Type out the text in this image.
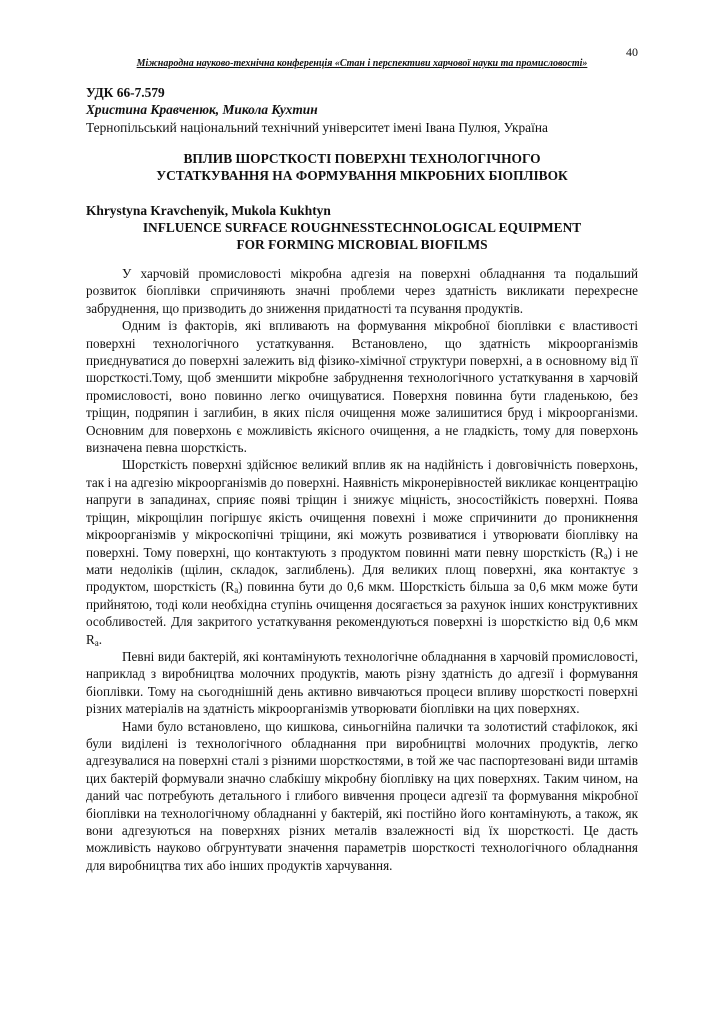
40
Міжнародна науково-технічна конференція «Стан і перспективи харчової науки та промисловості»
УДК 66-7.579
Христина Кравченюк, Микола Кухтин
Тернопільський національний технічний університет імені Івана Пулюя, Україна
ВПЛИВ ШОРСТКОСТІ ПОВЕРХНІ ТЕХНОЛОГІЧНОГО
УСТАТКУВАННЯ НА ФОРМУВАННЯ МІКРОБНИХ БІОПЛІВОК
Khrystyna Kravchenyik, Mukola Kukhtyn
INFLUENCE SURFACE ROUGHNESSTECHNOLOGICAL EQUIPMENT
FOR FORMING MICROBIAL BIOFILMS

У харчовій промисловості мікробна адгезія на поверхні обладнання та подальший розвиток біоплівки спричиняють значні проблеми через здатність викликати перехресне забруднення, що призводить до зниження придатності та псування продуктів.

Одним із факторів, які впливають на формування мікробної біоплівки є властивості поверхні технологічного устаткування. Встановлено, що здатність мікроорганізмів приєднуватися до поверхні залежить від фізико-хімічної структури поверхні, а в основному від її шорсткості.Тому, щоб зменшити мікробне забруднення технологічного устаткування в харчовій промисловості, воно повинно легко очищуватися. Поверхня повинна бути гладенькою, без тріщин, подряпин і заглибин, в яких після очищення може залишитися бруд і мікроорганізми. Основним для поверхонь є можливість якісного очищення, а не гладкість, тому для поверхонь визначена певна шорсткість.

Шорсткість поверхні здійснює великий вплив як на надійність і довговічність поверхонь, так і на адгезію мікроорганізмів до поверхні. Наявність мікронерівностей викликає концентрацію напруги в западинах, сприяє появі тріщин і знижує міцність, зносостійкість поверхні. Поява тріщин, мікрощілин погіршує якість очищення повехні і може спричинити до проникнення мікроорганізмів у мікроскопічні тріщини, які можуть розвиватися і утворювати біоплівку на поверхні. Тому поверхні, що контактують з продуктом повинні мати певну шорсткість $(R_a)$ і не мати недоліків (щілин, складок, заглиблень). Для великих площ поверхні, яка контактує з продуктом, шорсткість $(R_a)$ повинна бути до 0,6 мкм. Шорсткість більша за 0,6 мкм може бути прийнятою, тоді коли необхідна ступінь очищення досягається за рахунок інших конструктивних особливостей. Для закритого устаткування рекомендуються поверхні із шорсткістю від 0,6 мкм $R_a$.

Певні види бактерій, які контамінують технологічне обладнання в харчовій промисловості, наприклад з виробництва молочних продуктів, мають різну здатність до адгезії і формування біоплівки. Тому на сьогоднішній день активно вивчаються процеси впливу шорсткості поверхні різних матеріалів на здатність мікроорганізмів утворювати біоплівки на цих поверхнях.

Нами було встановлено, що кишкова, синьогнійна палички та золотистий стафілокок, які були виділені із технологічного обладнання при виробництві молочних продуктів, легко адгезувалися на поверхні сталі з різними шорсткостями, в той же час паспортезовані види штамів цих бактерій формували значно слабкішу мікробну біоплівку на цих поверхнях. Таким чином, на даний час потребують детального і глибого вивчення процеси адгезії та формування мікробної біоплівки на технологічному обладнанні у бактерій, які постійно його контамінують, а також, як вони адгезуються на поверхнях різних металів взалежності від їх шорсткості. Це дасть можливість науково обгрунтувати значення параметрів шорсткості технологічного обладнання для виробництва тих або інших продуктів харчування.
